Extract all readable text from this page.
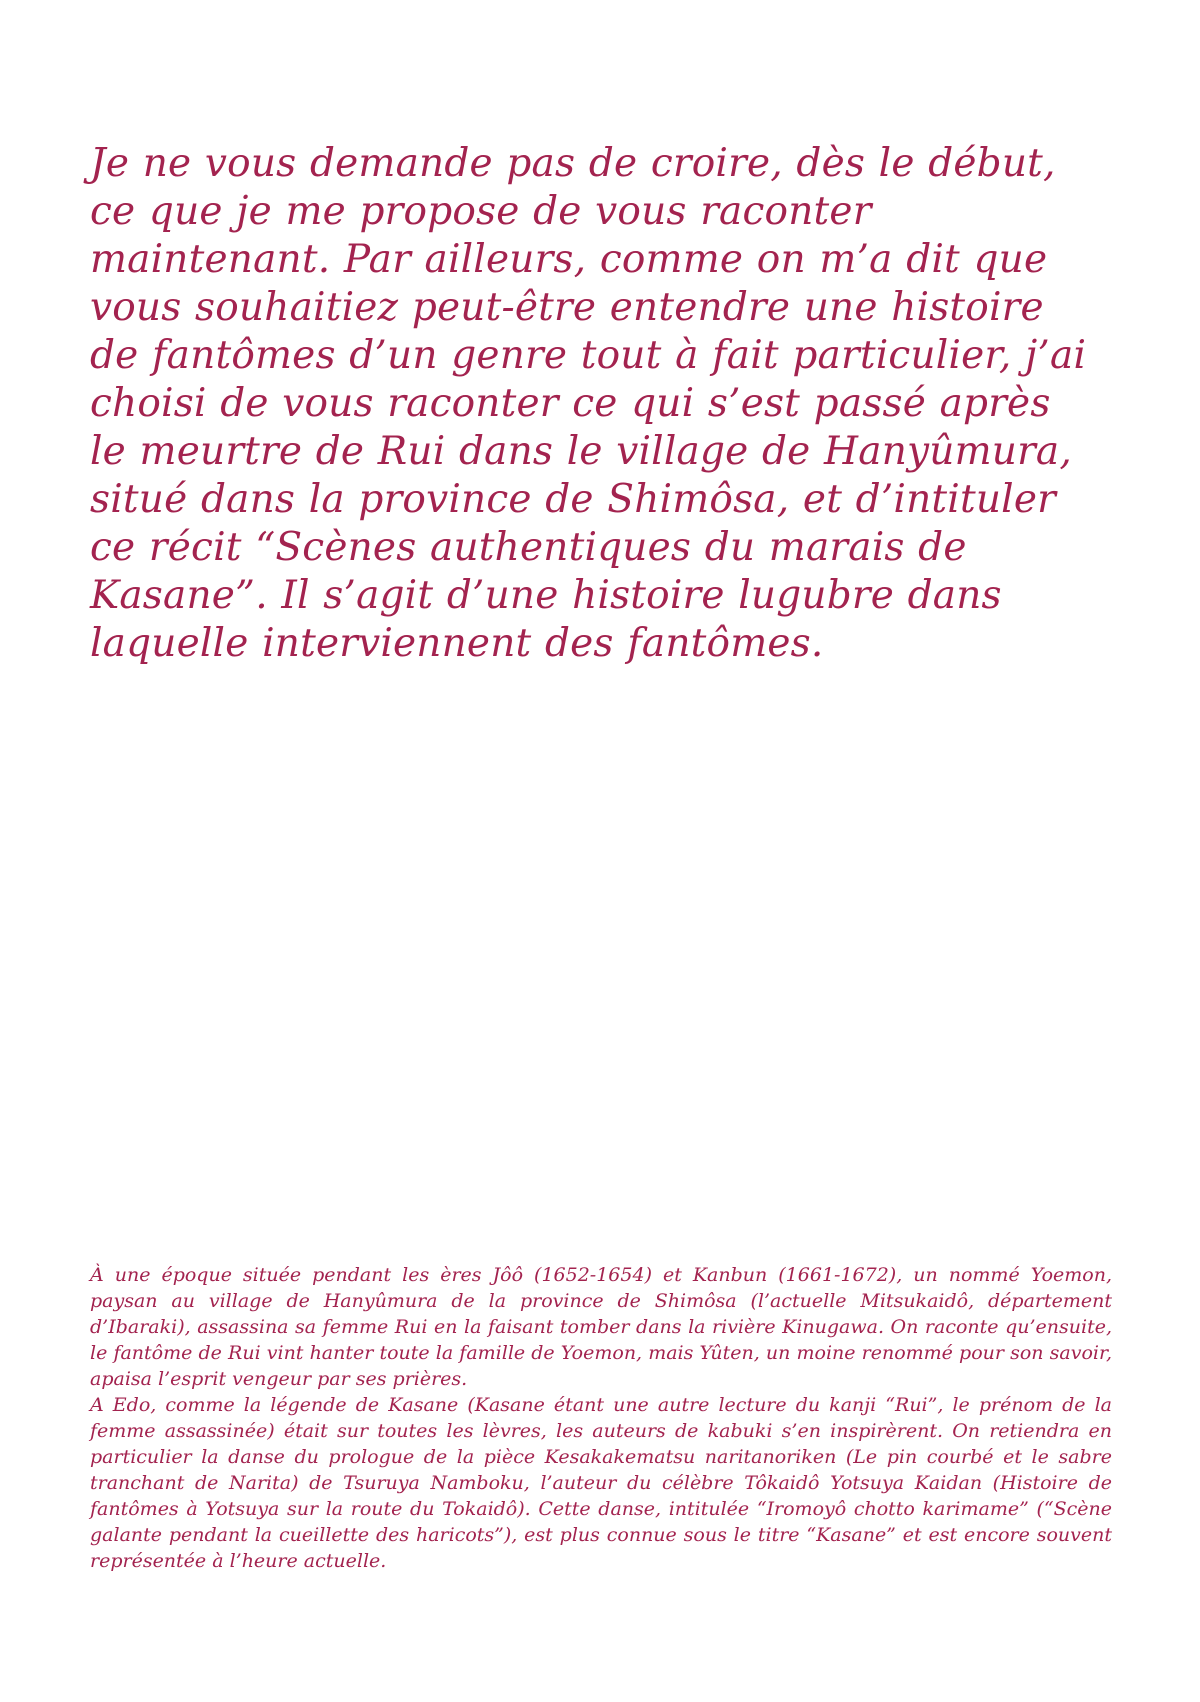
Je ne vous demande pas de croire, dès le début, ce que je me propose de vous raconter maintenant. Par ailleurs, comme on m’a dit que vous souhaitiez peut-être entendre une histoire de fantômes d’un genre tout à fait particulier, j’ai choisi de vous raconter ce qui s’est passé après le meurtre de Rui dans le village de Hanyûmura, situé dans la province de Shimôsa, et d’intituler ce récit “Scènes authentiques du marais de Kasane”. Il s’agit d’une histoire lugubre dans laquelle interviennent des fantômes.

À une époque située pendant les ères Jôô (1652-1654) et Kanbun (1661-1672), un nommé Yoemon, paysan au village de Hanyûmura de la province de Shimôsa (l’actuelle Mitsukaidô, département d’Ibaraki), assassina sa femme Rui en la faisant tomber dans la rivière Kinugawa. On raconte qu’ensuite, le fantôme de Rui vint hanter toute la famille de Yoemon, mais Yûten, un moine renommé pour son savoir, apaisa l’esprit vengeur par ses prières.

A Edo, comme la légende de Kasane (Kasane étant une autre lecture du kanji “Rui”, le prénom de la femme assassinée) était sur toutes les lèvres, les auteurs de kabuki s’en inspirèrent. On retiendra en particulier la danse du prologue de la pièce Kesakakematsu naritanoriken (Le pin courbé et le sabre tranchant de Narita) de Tsuruya Namboku, l’auteur du célèbre Tôkaidô Yotsuya Kaidan (Histoire de fantômes à Yotsuya sur la route du Tokaidô). Cette danse, intitulée “Iromoyô chotto karimame” (“Scène galante pendant la cueillette des haricots”), est plus connue sous le titre “Kasane” et est encore souvent représentée à l’heure actuelle.
